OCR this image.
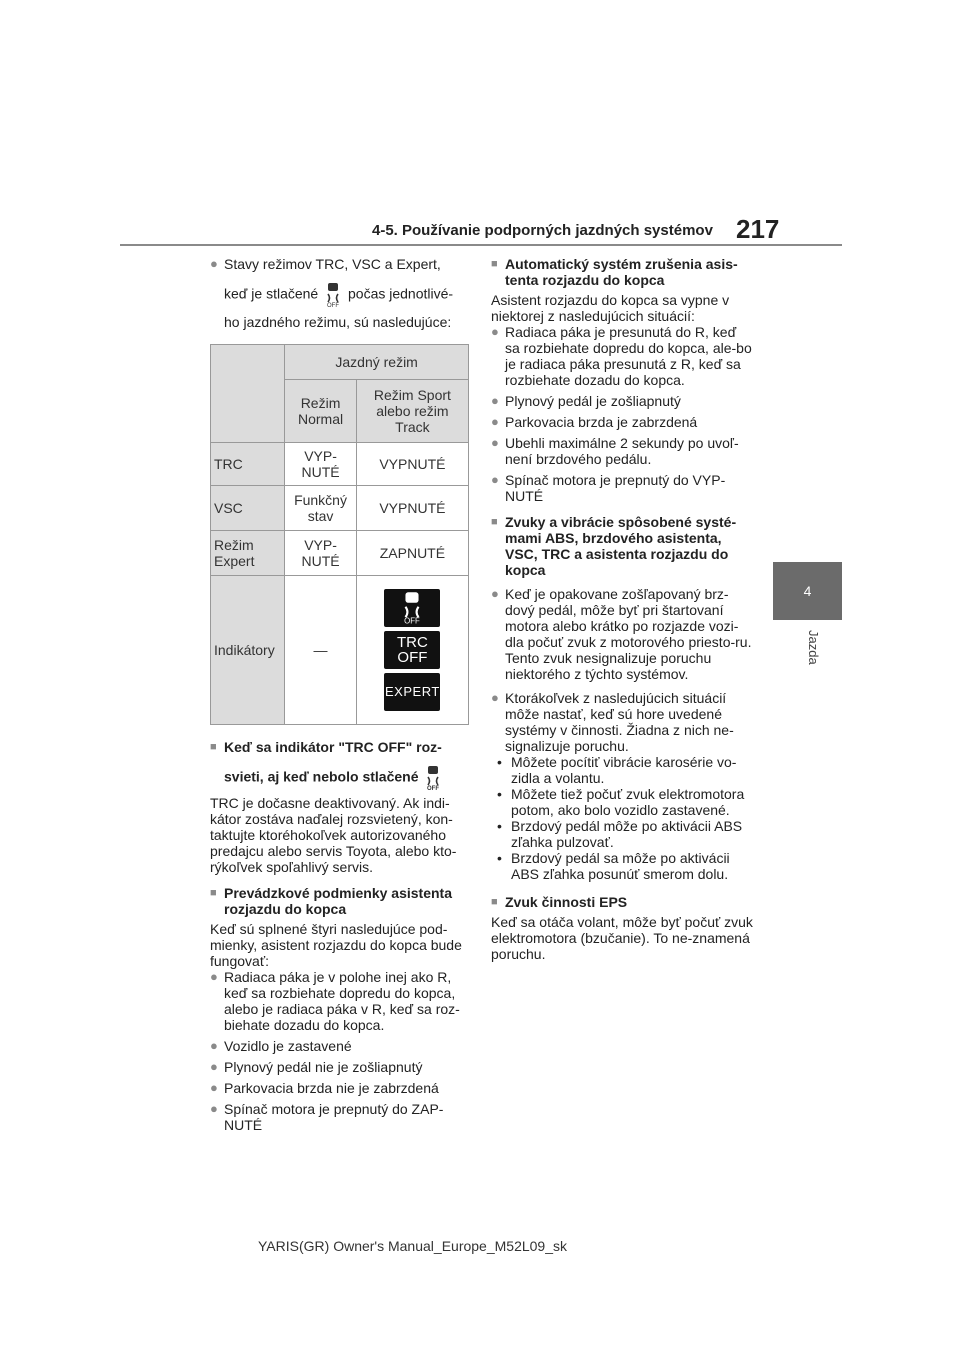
4-5. Používanie podporných jazdných systémov 217
4
Jazda
● Stavy režimov TRC, VSC a Expert,

keď je stlačené
OFF
počas jednotlivé-

ho jazdného režimu, sú nasledujúce:

	Jazdný režim	
	Režim Normal	Režim Sport alebo režim Track
TRC	VYP-NUTÉ	VYPNUTÉ
VSC	Funkčný stav	VYPNUTÉ
Režim Expert	VYP-NUTÉ	ZAPNUTÉ
Indikátory	—	OFF
TRC
OFF
EXPERT
■ Keď sa indikátor "TRC OFF" roz-

svieti, aj keď nebolo stlačené
OFF

TRC je dočasne deaktivovaný. Ak indi-kátor zostáva naďalej rozsvietený, kon-taktujte ktoréhokoľvek autorizovaného predajcu alebo servis Toyota, alebo kto-rýkoľvek spoľahlivý servis.

■ Prevádzkové podmienky asistenta rozjazdu do kopca

Keď sú splnené štyri nasledujúce pod-mienky, asistent rozjazdu do kopca bude fungovať:

● Radiaca páka je v polohe inej ako R, keď sa rozbiehate dopredu do kopca, alebo je radiaca páka v R, keď sa roz-biehate dozadu do kopca.
● Vozidlo je zastavené
● Plynový pedál nie je zošliapnutý
● Parkovacia brzda nie je zabrzdená
● Spínač motora je prepnutý do ZAP-NUTÉ
■ Automatický systém zrušenia asis-tenta rozjazdu do kopca

Asistent rozjazdu do kopca sa vypne v niektorej z nasledujúcich situácií:

● Radiaca páka je presunutá do R, keď sa rozbiehate dopredu do kopca, ale-bo je radiaca páka presunutá z R, keď sa rozbiehate dozadu do kopca.
● Plynový pedál je zošliapnutý
● Parkovacia brzda je zabrzdená
● Ubehli maximálne 2 sekundy po uvoľ-není brzdového pedálu.
● Spínač motora je prepnutý do VYP-NUTÉ
■ Zvuky a vibrácie spôsobené systé-mami ABS, brzdového asistenta, VSC, TRC a asistenta rozjazdu do kopca
● Keď je opakovane zošľapovaný brz-dový pedál, môže byť pri štartovaní motora alebo krátko po rozjazde vozi-dla počuť zvuk z motorového priesto-ru. Tento zvuk nesignalizuje poruchu niektorého z týchto systémov.
● Ktorákoľvek z nasledujúcich situácií môže nastať, keď sú hore uvedené systémy v činnosti. Žiadna z nich ne-signalizuje poruchu.
• Môžete pocítiť vibrácie karosérie vo-zidla a volantu.
• Môžete tiež počuť zvuk elektromotora potom, ako bolo vozidlo zastavené.
• Brzdový pedál môže po aktivácii ABS zľahka pulzovať.
• Brzdový pedál sa môže po aktivácii ABS zľahka posunúť smerom dolu.
■ Zvuk činnosti EPS

Keď sa otáča volant, môže byť počuť zvuk elektromotora (bzučanie). To ne-znamená poruchu.

YARIS(GR) Owner's Manual_Europe_M52L09_sk
